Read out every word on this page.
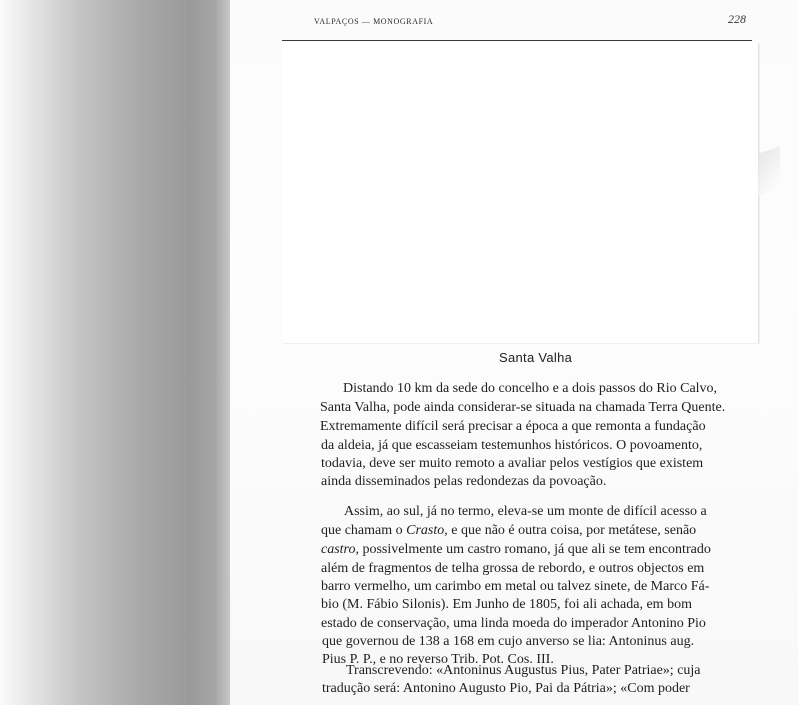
VALPAÇOS — MONOGRAFIA	228
Santa Valha
Distando 10 km da sede do concelho e a dois passos do Rio Calvo,
Santa Valha, pode ainda considerar-se situada na chamada Terra Quente.
Extremamente difícil será precisar a época a que remonta a fundação
da aldeia, já que escasseiam testemunhos históricos. O povoamento,
todavia, deve ser muito remoto a avaliar pelos vestígios que existem
ainda disseminados pelas redondezas da povoação.
Assim, ao sul, já no termo, eleva-se um monte de difícil acesso a
que chamam o Crasto, e que não é outra coisa, por metátese, senão
castro, possivelmente um castro romano, já que ali se tem encontrado
além de fragmentos de telha grossa de rebordo, e outros objectos em
barro vermelho, um carimbo em metal ou talvez sinete, de Marco Fá-
bio (M. Fábio Silonis). Em Junho de 1805, foi ali achada, em bom
estado de conservação, uma linda moeda do imperador Antonino Pio
que governou de 138 a 168 em cujo anverso se lia: Antoninus aug.
Pius P. P., e no reverso Trib. Pot. Cos. III.
Transcrevendo: «Antoninus Augustus Pius, Pater Patriae»; cuja
tradução será: Antonino Augusto Pio, Pai da Pátria»; «Com poder
